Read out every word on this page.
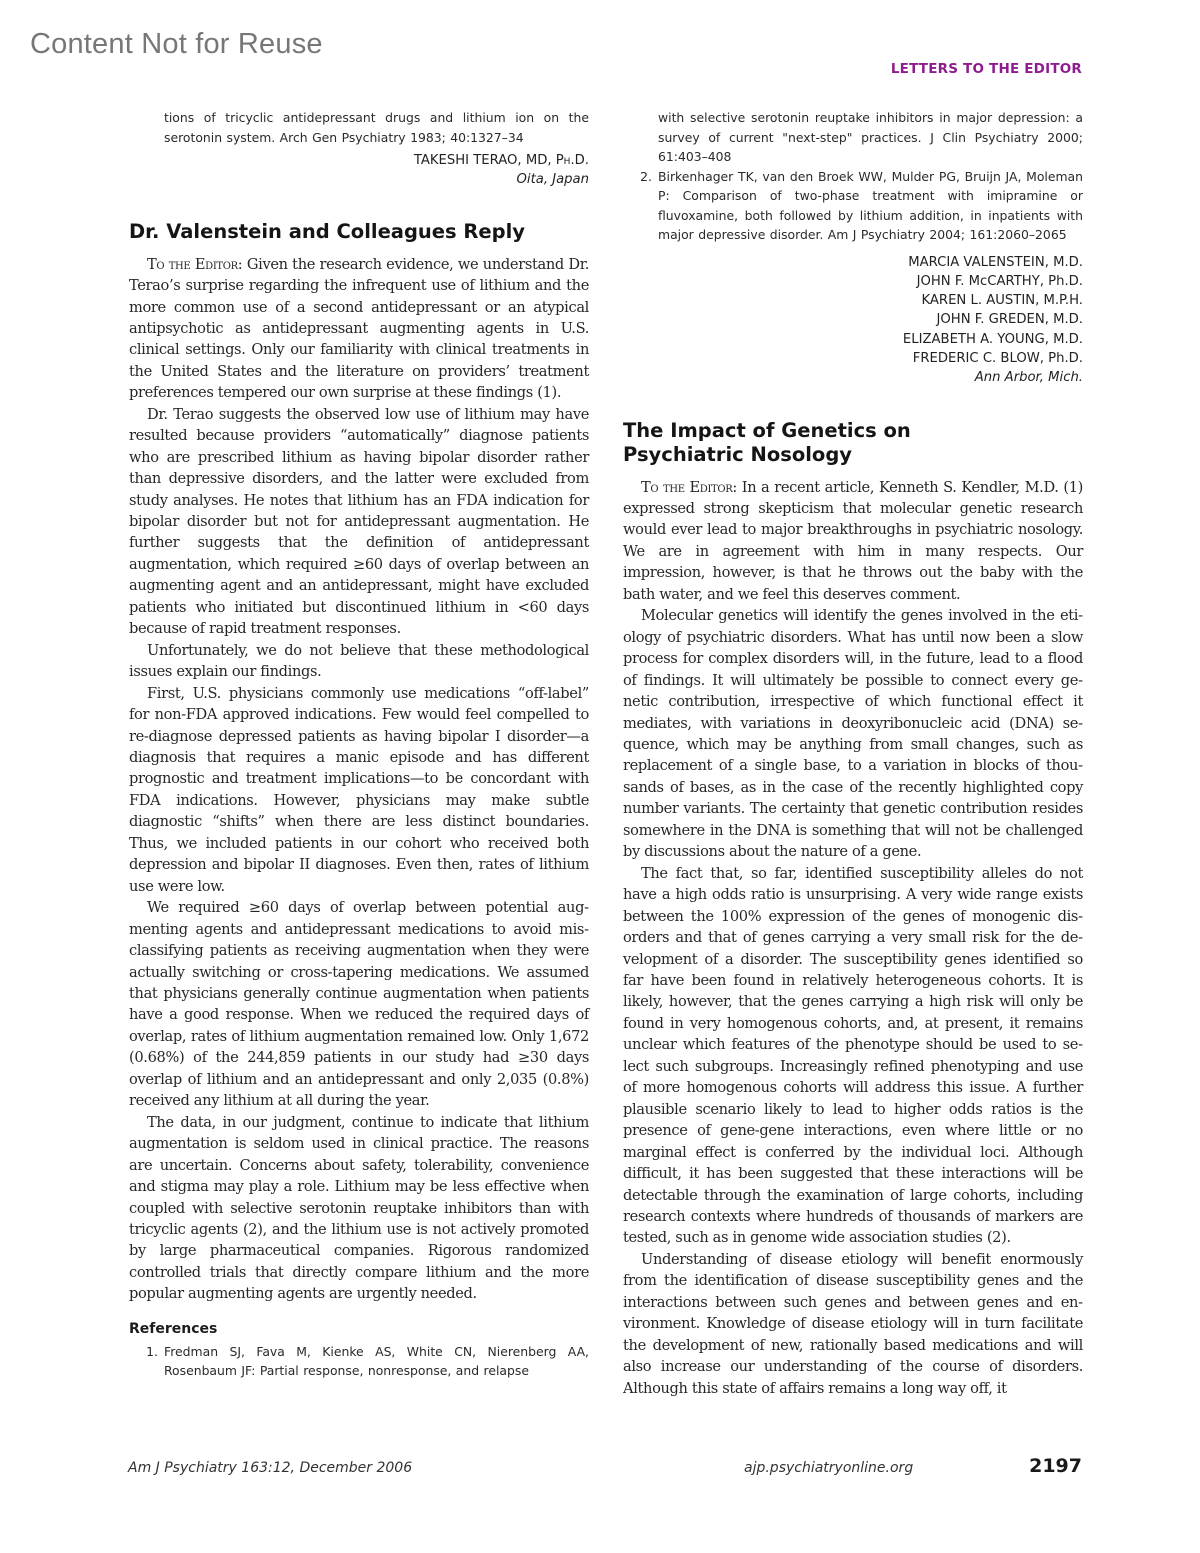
Content Not for Reuse
LETTERS TO THE EDITOR
tions of tricyclic antidepressant drugs and lithium ion on the serotonin system. Arch Gen Psychiatry 1983; 40:1327–34
TAKESHI TERAO, MD, Ph.D.
Oita, Japan
Dr. Valenstein and Colleagues Reply

To the Editor: Given the research evidence, we understand Dr. Terao’s surprise regarding the infrequent use of lithium and the more common use of a second antidepressant or an atypical antipsychotic as antidepressant augmenting agents in U.S. clinical settings. Only our familiarity with clinical treatments in the United States and the literature on providers’ treatment preferences tempered our own surprise at these findings (1).

Dr. Terao suggests the observed low use of lithium may have resulted because providers “automatically” diagnose patients who are prescribed lithium as having bipolar disorder rather than depressive disorders, and the latter were excluded from study analyses. He notes that lithium has an FDA indication for bipolar disorder but not for antidepressant augmentation. He further suggests that the definition of antidepressant augmentation, which required ≥60 days of overlap between an augmenting agent and an antidepressant, might have excluded patients who initiated but discontinued lithium in <60 days because of rapid treatment responses.

Unfortunately, we do not believe that these methodological issues explain our findings.

First, U.S. physicians commonly use medications “off-label” for non-FDA approved indications. Few would feel compelled to re-diagnose depressed patients as having bipolar I disorder—a diagnosis that requires a manic episode and has different prognostic and treatment implications—to be concordant with FDA indications. However, physicians may make subtle diagnostic “shifts” when there are less distinct boundaries. Thus, we included patients in our cohort who received both depression and bipolar II diagnoses. Even then, rates of lithium use were low.

We required ≥60 days of overlap between potential augmenting agents and antidepressant medications to avoid misclassifying patients as receiving augmentation when they were actually switching or cross-tapering medications. We assumed that physicians generally continue augmentation when patients have a good response. When we reduced the required days of overlap, rates of lithium augmentation remained low. Only 1,672 (0.68%) of the 244,859 patients in our study had ≥30 days overlap of lithium and an antidepressant and only 2,035 (0.8%) received any lithium at all during the year.

The data, in our judgment, continue to indicate that lithium augmentation is seldom used in clinical practice. The reasons are uncertain. Concerns about safety, tolerability, convenience and stigma may play a role. Lithium may be less effective when coupled with selective serotonin reuptake inhibitors than with tricyclic agents (2), and the lithium use is not actively promoted by large pharmaceutical companies. Rigorous randomized controlled trials that directly compare lithium and the more popular augmenting agents are urgently needed.

References
1. Fredman SJ, Fava M, Kienke AS, White CN, Nierenberg AA, Rosenbaum JF: Partial response, nonresponse, and relapse
with selective serotonin reuptake inhibitors in major depression: a survey of current "next-step" practices. J Clin Psychiatry 2000; 61:403–408
2. Birkenhager TK, van den Broek WW, Mulder PG, Bruijn JA, Moleman P: Comparison of two-phase treatment with imipramine or fluvoxamine, both followed by lithium addition, in inpatients with major depressive disorder. Am J Psychiatry 2004; 161:2060–2065
MARCIA VALENSTEIN, M.D.
JOHN F. McCARTHY, Ph.D.
KAREN L. AUSTIN, M.P.H.
JOHN F. GREDEN, M.D.
ELIZABETH A. YOUNG, M.D.
FREDERIC C. BLOW, Ph.D.
Ann Arbor, Mich.
The Impact of Genetics on Psychiatric Nosology

To the Editor: In a recent article, Kenneth S. Kendler, M.D. (1) expressed strong skepticism that molecular genetic research would ever lead to major breakthroughs in psychiatric nosology. We are in agreement with him in many respects. Our impression, however, is that he throws out the baby with the bath water, and we feel this deserves comment.

Molecular genetics will identify the genes involved in the etiology of psychiatric disorders. What has until now been a slow process for complex disorders will, in the future, lead to a flood of findings. It will ultimately be possible to connect every genetic contribution, irrespective of which functional effect it mediates, with variations in deoxyribonucleic acid (DNA) sequence, which may be anything from small changes, such as replacement of a single base, to a variation in blocks of thousands of bases, as in the case of the recently highlighted copy number variants. The certainty that genetic contribution resides somewhere in the DNA is something that will not be challenged by discussions about the nature of a gene.

The fact that, so far, identified susceptibility alleles do not have a high odds ratio is unsurprising. A very wide range exists between the 100% expression of the genes of monogenic disorders and that of genes carrying a very small risk for the development of a disorder. The susceptibility genes identified so far have been found in relatively heterogeneous cohorts. It is likely, however, that the genes carrying a high risk will only be found in very homogenous cohorts, and, at present, it remains unclear which features of the phenotype should be used to select such subgroups. Increasingly refined phenotyping and use of more homogenous cohorts will address this issue. A further plausible scenario likely to lead to higher odds ratios is the presence of gene-gene interactions, even where little or no marginal effect is conferred by the individual loci. Although difficult, it has been suggested that these interactions will be detectable through the examination of large cohorts, including research contexts where hundreds of thousands of markers are tested, such as in genome wide association studies (2).

Understanding of disease etiology will benefit enormously from the identification of disease susceptibility genes and the interactions between such genes and between genes and environment. Knowledge of disease etiology will in turn facilitate the development of new, rationally based medications and will also increase our understanding of the course of disorders. Although this state of affairs remains a long way off, it

Am J Psychiatry 163:12, December 2006	ajp.psychiatryonline.org	2197
